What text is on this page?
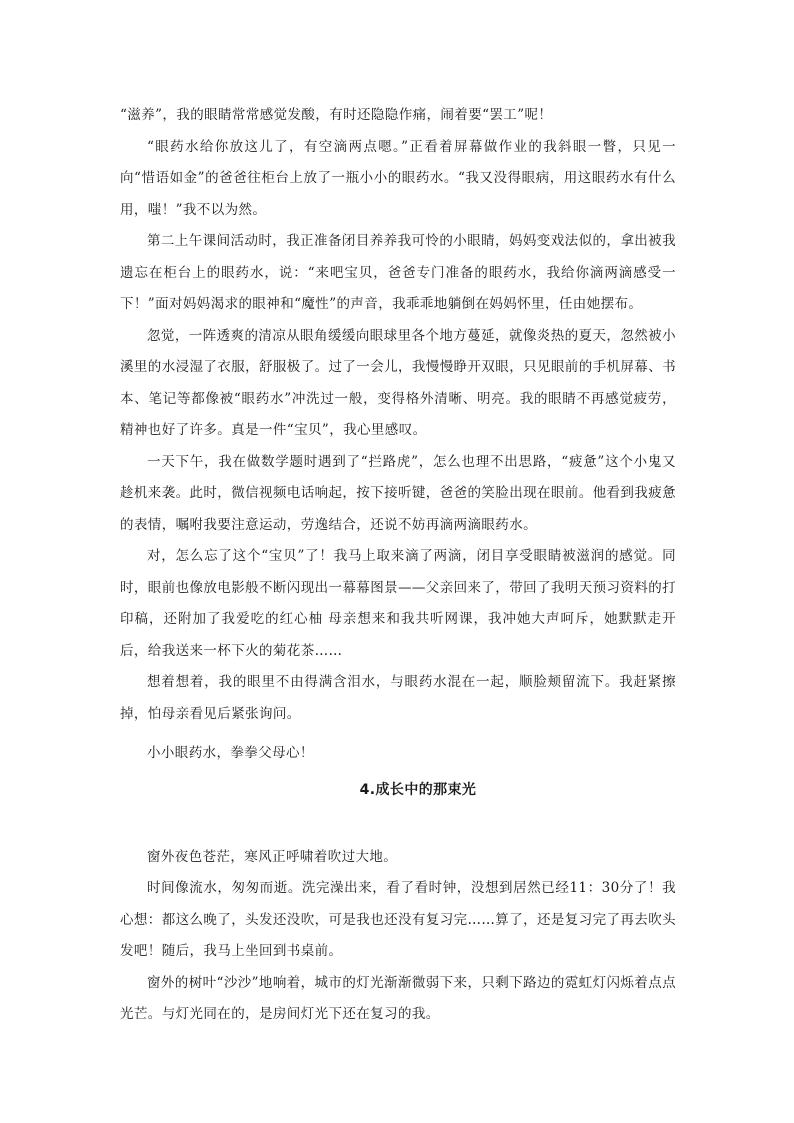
“滋养”，我的眼睛常常感觉发酸，有时还隐隐作痛，闹着要“罢工”呢！

“眼药水给你放这儿了，有空滴两点嗯。”正看着屏幕做作业的我斜眼一瞥，只见一向“惜语如金”的爸爸往柜台上放了一瓶小小的眼药水。“我又没得眼病，用这眼药水有什么用，嗤！”我不以为然。

第二上午课间活动时，我正准备闭目养养我可怜的小眼睛，妈妈变戏法似的，拿出被我遗忘在柜台上的眼药水，说：“来吧宝贝，爸爸专门准备的眼药水，我给你滴两滴感受一下！”面对妈妈渴求的眼神和“魔性”的声音，我乖乖地躺倒在妈妈怀里，任由她摆布。

忽觉，一阵透爽的清凉从眼角缓缓向眼球里各个地方蔓延，就像炎热的夏天，忽然被小溪里的水浸湿了衣服，舒服极了。过了一会儿，我慢慢睁开双眼，只见眼前的手机屏幕、书本、笔记等都像被“眼药水”冲洗过一般，变得格外清晰、明亮。我的眼睛不再感觉疲劳，精神也好了许多。真是一件“宝贝”，我心里感叹。

一天下午，我在做数学题时遇到了“拦路虎”，怎么也理不出思路，“疲惫”这个小鬼又趁机来袭。此时，微信视频电话响起，按下接听键，爸爸的笑脸出现在眼前。他看到我疲惫的表情，嘱咐我要注意运动，劳逸结合，还说不妨再滴两滴眼药水。

对，怎么忘了这个“宝贝”了！我马上取来滴了两滴，闭目享受眼睛被滋润的感觉。同时，眼前也像放电影般不断闪现出一幕幕图景——父亲回来了，带回了我明天预习资料的打印稿，还附加了我爱吃的红心柚 母亲想来和我共听网课，我冲她大声呵斥，她默默走开后，给我送来一杯下火的菊花茶……

想着想着，我的眼里不由得满含泪水，与眼药水混在一起，顺脸颊留流下。我赶紧擦掉，怕母亲看见后紧张询问。

小小眼药水，拳拳父母心！

4.成长中的那束光

窗外夜色苍茫，寒风正呼啸着吹过大地。

时间像流水，匆匆而逝。洗完澡出来，看了看时钟，没想到居然已经11：30分了！我心想：都这么晚了，头发还没吹，可是我也还没有复习完……算了，还是复习完了再去吹头发吧！随后，我马上坐回到书桌前。

窗外的树叶“沙沙”地响着，城市的灯光渐渐微弱下来，只剩下路边的霓虹灯闪烁着点点光芒。与灯光同在的，是房间灯光下还在复习的我。
